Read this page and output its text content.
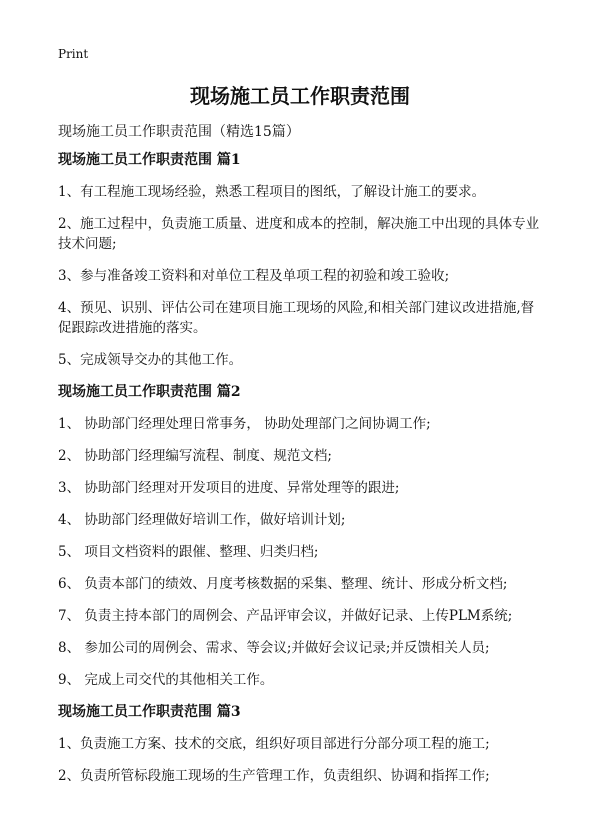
Print
现场施工员工作职责范围
现场施工员工作职责范围（精选15篇）
现场施工员工作职责范围 篇1
1、有工程施工现场经验，熟悉工程项目的图纸，了解设计施工的要求。
2、施工过程中，负责施工质量、进度和成本的控制，解决施工中出现的具体专业技术问题;
3、参与准备竣工资料和对单位工程及单项工程的初验和竣工验收;
4、预见、识别、评估公司在建项目施工现场的风险,和相关部门建议改进措施,督促跟踪改进措施的落实。
5、完成领导交办的其他工作。
现场施工员工作职责范围 篇2
1、 协助部门经理处理日常事务， 协助处理部门之间协调工作;
2、 协助部门经理编写流程、制度、规范文档;
3、 协助部门经理对开发项目的进度、异常处理等的跟进;
4、 协助部门经理做好培训工作，做好培训计划;
5、 项目文档资料的跟催、整理、归类归档;
6、 负责本部门的绩效、月度考核数据的采集、整理、统计、形成分析文档;
7、 负责主持本部门的周例会、产品评审会议，并做好记录、上传PLM系统;
8、 参加公司的周例会、需求、等会议;并做好会议记录;并反馈相关人员;
9、 完成上司交代的其他相关工作。
现场施工员工作职责范围 篇3
1、负责施工方案、技术的交底，组织好项目部进行分部分项工程的施工;
2、负责所管标段施工现场的生产管理工作，负责组织、协调和指挥工作;
